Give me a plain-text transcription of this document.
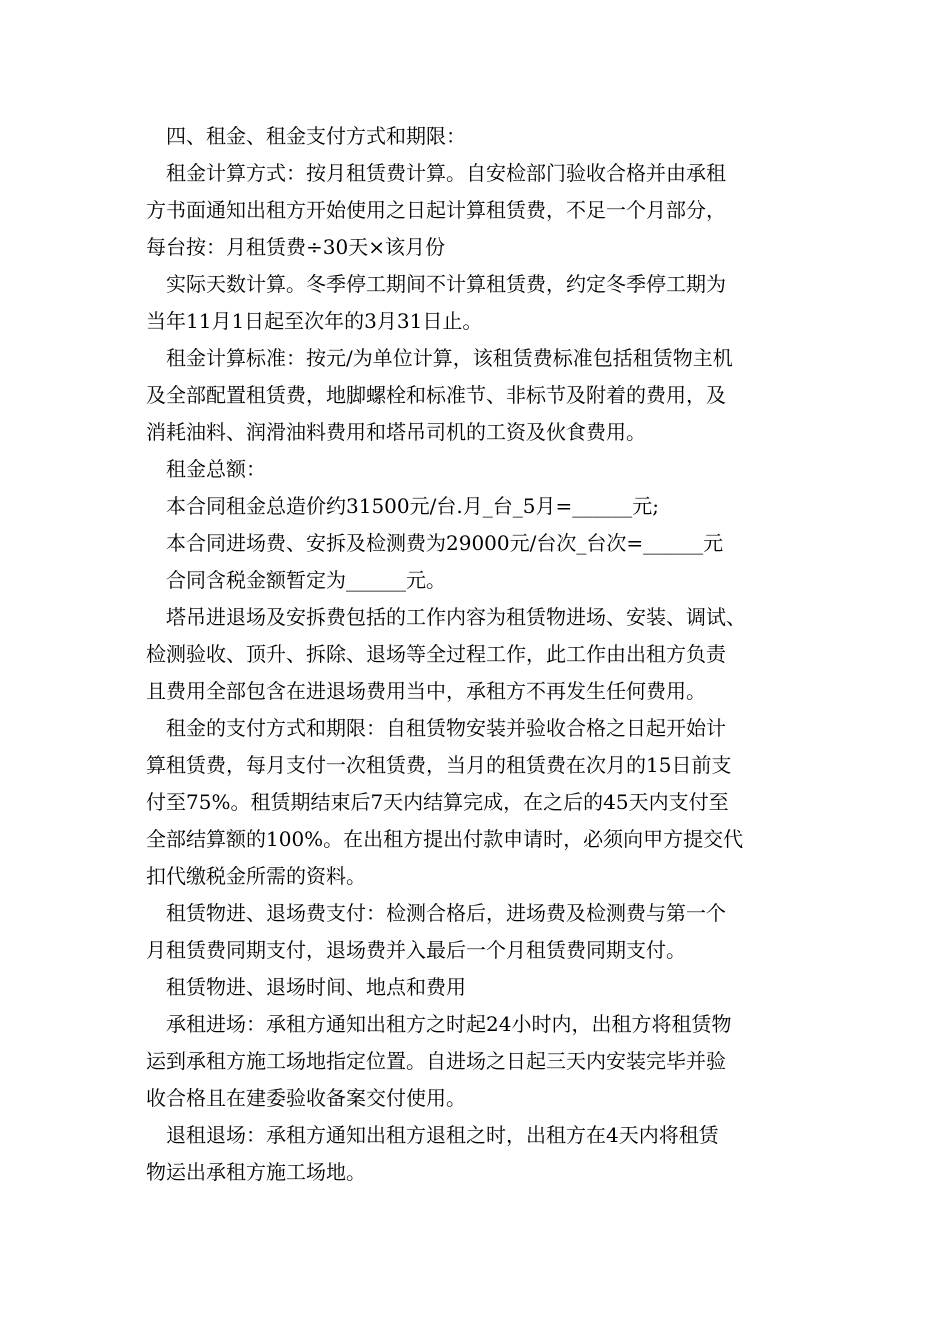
四、租金、租金支付方式和期限：
租金计算方式：按月租赁费计算。自安检部门验收合格并由承租
方书面通知出租方开始使用之日起计算租赁费，不足一个月部分，
每台按：月租赁费÷30天×该月份
实际天数计算。冬季停工期间不计算租赁费，约定冬季停工期为
当年11月1日起至次年的3月31日止。
租金计算标准：按元/为单位计算，该租赁费标准包括租赁物主机
及全部配置租赁费，地脚螺栓和标准节、非标节及附着的费用，及
消耗油料、润滑油料费用和塔吊司机的工资及伙食费用。
租金总额：
本合同租金总造价约31500元/台.月_台_5月=______元;
本合同进场费、安拆及检测费为29000元/台次_台次=______元
合同含税金额暂定为______元。
塔吊进退场及安拆费包括的工作内容为租赁物进场、安装、调试、
检测验收、顶升、拆除、退场等全过程工作，此工作由出租方负责
且费用全部包含在进退场费用当中，承租方不再发生任何费用。
租金的支付方式和期限：自租赁物安装并验收合格之日起开始计
算租赁费，每月支付一次租赁费，当月的租赁费在次月的15日前支
付至75%。租赁期结束后7天内结算完成，在之后的45天内支付至
全部结算额的100%。在出租方提出付款申请时，必须向甲方提交代
扣代缴税金所需的资料。
租赁物进、退场费支付：检测合格后，进场费及检测费与第一个
月租赁费同期支付，退场费并入最后一个月租赁费同期支付。
租赁物进、退场时间、地点和费用
承租进场：承租方通知出租方之时起24小时内，出租方将租赁物
运到承租方施工场地指定位置。自进场之日起三天内安装完毕并验
收合格且在建委验收备案交付使用。
退租退场：承租方通知出租方退租之时，出租方在4天内将租赁
物运出承租方施工场地。
